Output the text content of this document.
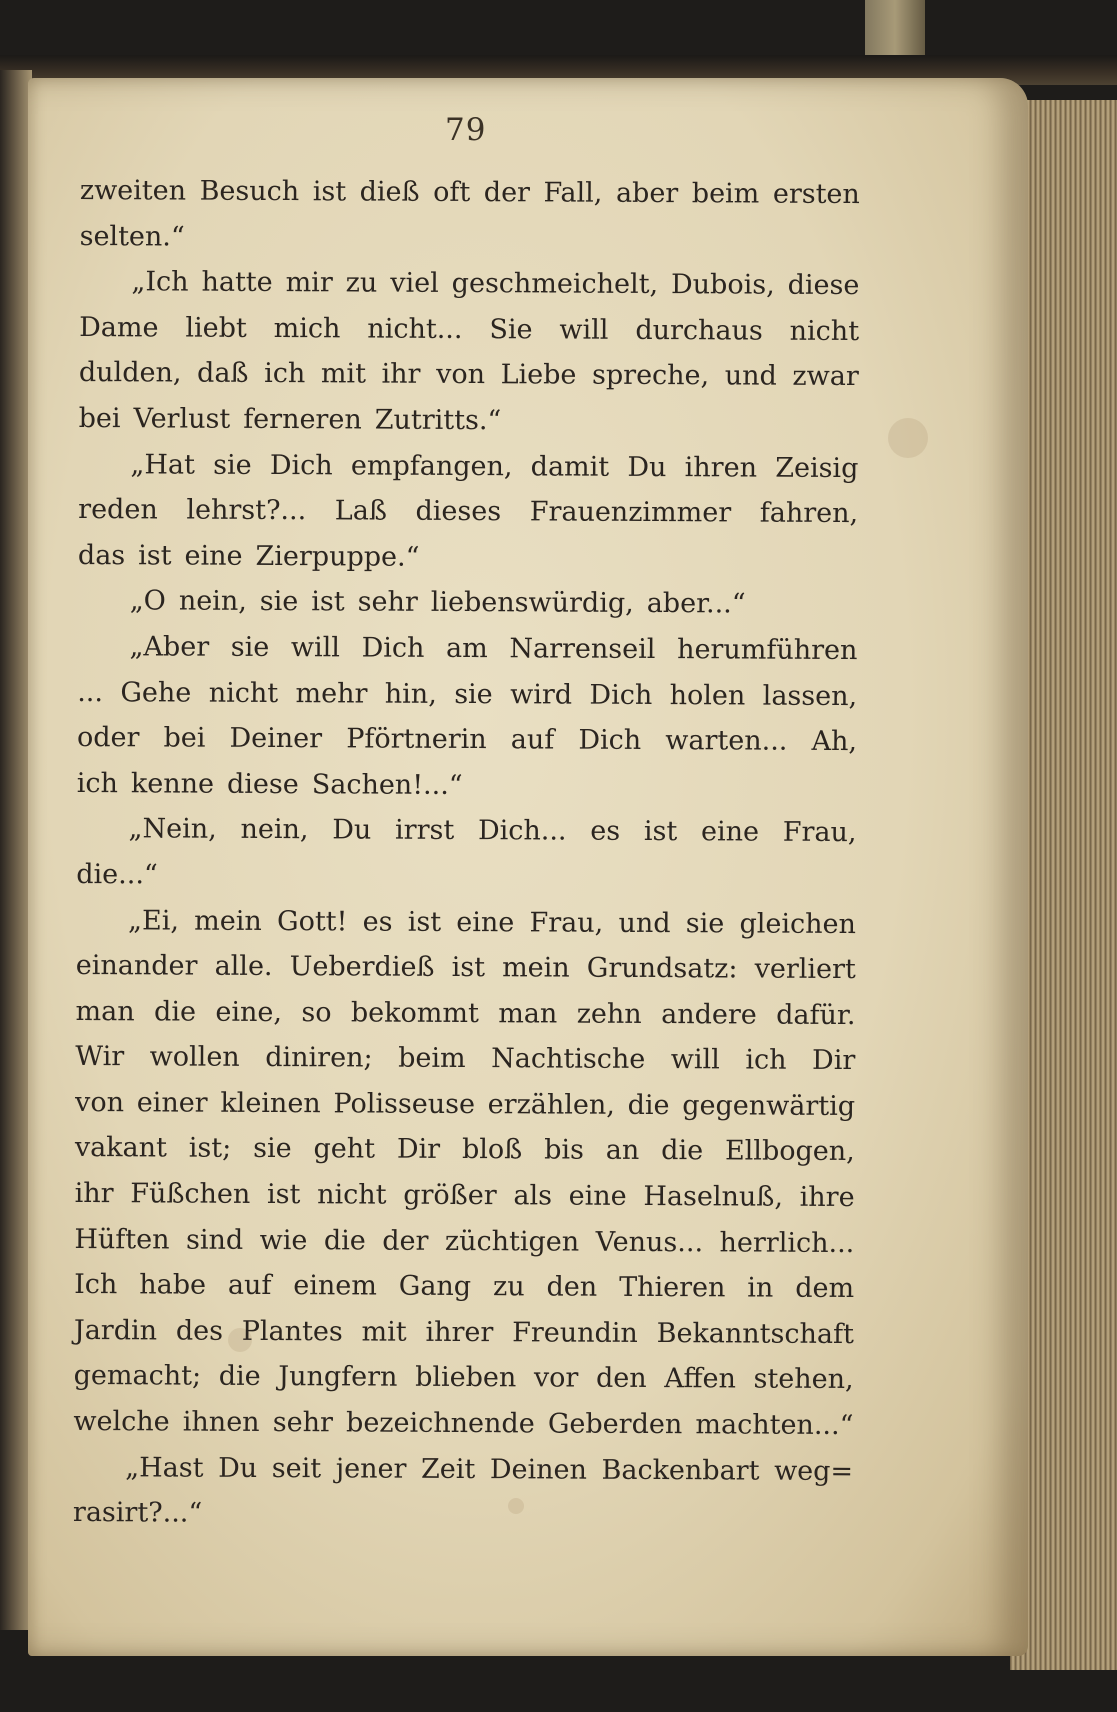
79
zweiten Besuch ist dieß oft der Fall, aber beim ersten
selten.“
„Ich hatte mir zu viel geschmeichelt, Dubois, diese
Dame liebt mich nicht... Sie will durchaus nicht
dulden, daß ich mit ihr von Liebe spreche, und zwar
bei Verlust ferneren Zutritts.“
„Hat sie Dich empfangen, damit Du ihren Zeisig
reden lehrst?... Laß dieses Frauenzimmer fahren,
das ist eine Zierpuppe.“
„O nein, sie ist sehr liebenswürdig, aber...“
„Aber sie will Dich am Narrenseil herumführen
... Gehe nicht mehr hin, sie wird Dich holen lassen,
oder bei Deiner Pförtnerin auf Dich warten... Ah,
ich kenne diese Sachen!...“
„Nein, nein, Du irrst Dich... es ist eine Frau,
die...“
„Ei, mein Gott! es ist eine Frau, und sie gleichen
einander alle. Ueberdieß ist mein Grundsatz: verliert
man die eine, so bekommt man zehn andere dafür.
Wir wollen diniren; beim Nachtische will ich Dir
von einer kleinen Polisseuse erzählen, die gegenwärtig
vakant ist; sie geht Dir bloß bis an die Ellbogen,
ihr Füßchen ist nicht größer als eine Haselnuß, ihre
Hüften sind wie die der züchtigen Venus... herrlich...
Ich habe auf einem Gang zu den Thieren in dem
Jardin des Plantes mit ihrer Freundin Bekanntschaft
gemacht; die Jungfern blieben vor den Affen stehen,
welche ihnen sehr bezeichnende Geberden machten...“
„Hast Du seit jener Zeit Deinen Backenbart weg=
rasirt?...“
